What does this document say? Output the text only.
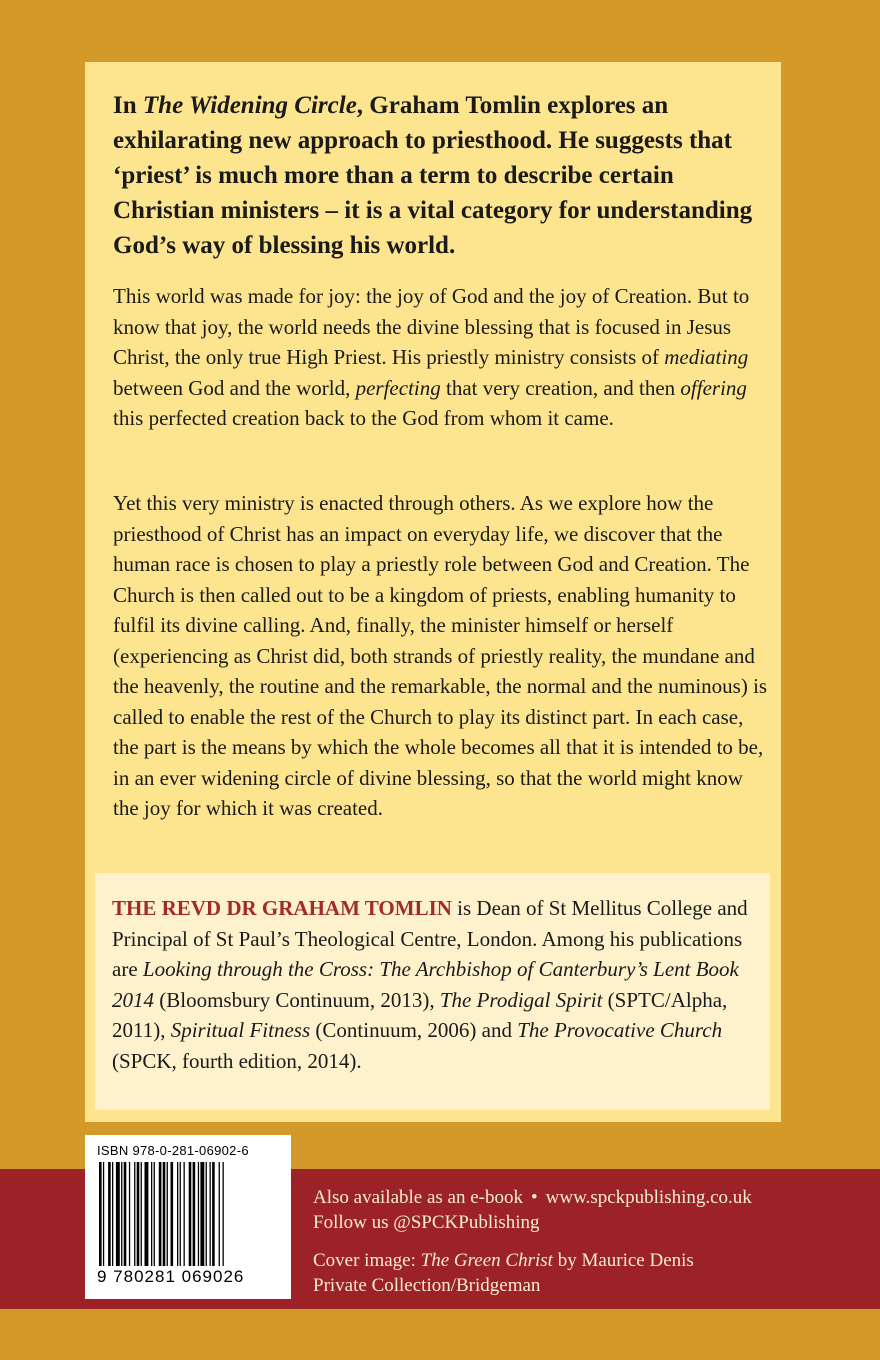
In The Widening Circle, Graham Tomlin explores an exhilarating new approach to priesthood. He suggests that ‘priest’ is much more than a term to describe certain Christian ministers – it is a vital category for understanding God’s way of blessing his world.

This world was made for joy: the joy of God and the joy of Creation. But to know that joy, the world needs the divine blessing that is focused in Jesus Christ, the only true High Priest. His priestly ministry consists of mediating between God and the world, perfecting that very creation, and then offering this perfected creation back to the God from whom it came.

Yet this very ministry is enacted through others. As we explore how the priesthood of Christ has an impact on everyday life, we discover that the human race is chosen to play a priestly role between God and Creation. The Church is then called out to be a kingdom of priests, enabling humanity to fulfil its divine calling. And, finally, the minister himself or herself (experiencing as Christ did, both strands of priestly reality, the mundane and the heavenly, the routine and the remarkable, the normal and the numinous) is called to enable the rest of the Church to play its distinct part. In each case, the part is the means by which the whole becomes all that it is intended to be, in an ever widening circle of divine blessing, so that the world might know the joy for which it was created.

THE REVD DR GRAHAM TOMLIN is Dean of St Mellitus College and Principal of St Paul’s Theological Centre, London. Among his publications are Looking through the Cross: The Archbishop of Canterbury’s Lent Book 2014 (Bloomsbury Continuum, 2013), The Prodigal Spirit (SPTC/Alpha, 2011), Spiritual Fitness (Continuum, 2006) and The Provocative Church (SPCK, fourth edition, 2014).

Also available as an e-book • www.spckpublishing.co.uk
Follow us @SPCKPublishing

Cover image: The Green Christ by Maurice Denis
Private Collection/Bridgeman

ISBN 978-0-281-06902-6
9 780281 069026
